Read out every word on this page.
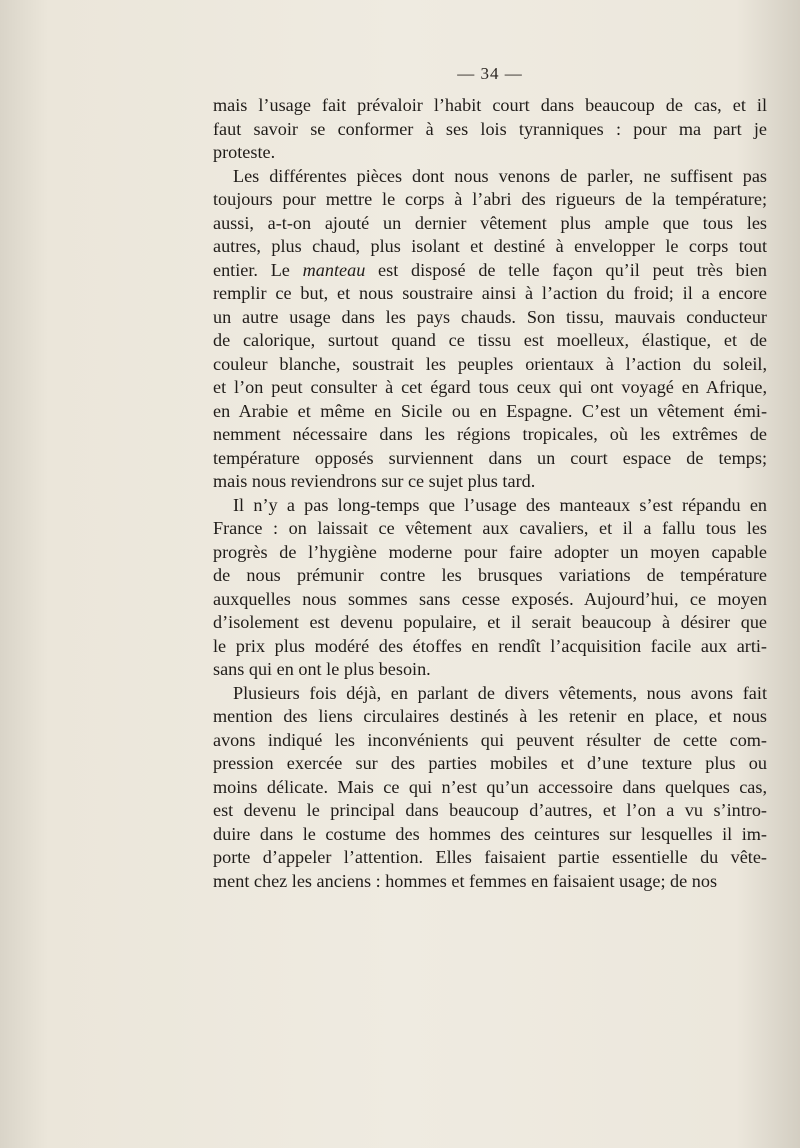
— 34 —
mais l’usage fait prévaloir l’habit court dans beaucoup de cas, et il
faut savoir se conformer à ses lois tyranniques : pour ma part je
proteste.
Les différentes pièces dont nous venons de parler, ne suffisent pas
toujours pour mettre le corps à l’abri des rigueurs de la température;
aussi, a-t-on ajouté un dernier vêtement plus ample que tous les
autres, plus chaud, plus isolant et destiné à envelopper le corps tout
entier. Le manteau est disposé de telle façon qu’il peut très bien
remplir ce but, et nous soustraire ainsi à l’action du froid; il a encore
un autre usage dans les pays chauds. Son tissu, mauvais conducteur
de calorique, surtout quand ce tissu est moelleux, élastique, et de
couleur blanche, soustrait les peuples orientaux à l’action du soleil,
et l’on peut consulter à cet égard tous ceux qui ont voyagé en Afrique,
en Arabie et même en Sicile ou en Espagne. C’est un vêtement émi-
nemment nécessaire dans les régions tropicales, où les extrêmes de
température opposés surviennent dans un court espace de temps;
mais nous reviendrons sur ce sujet plus tard.
Il n’y a pas long-temps que l’usage des manteaux s’est répandu en
France : on laissait ce vêtement aux cavaliers, et il a fallu tous les
progrès de l’hygiène moderne pour faire adopter un moyen capable
de nous prémunir contre les brusques variations de température
auxquelles nous sommes sans cesse exposés. Aujourd’hui, ce moyen
d’isolement est devenu populaire, et il serait beaucoup à désirer que
le prix plus modéré des étoffes en rendît l’acquisition facile aux arti-
sans qui en ont le plus besoin.
Plusieurs fois déjà, en parlant de divers vêtements, nous avons fait
mention des liens circulaires destinés à les retenir en place, et nous
avons indiqué les inconvénients qui peuvent résulter de cette com-
pression exercée sur des parties mobiles et d’une texture plus ou
moins délicate. Mais ce qui n’est qu’un accessoire dans quelques cas,
est devenu le principal dans beaucoup d’autres, et l’on a vu s’intro-
duire dans le costume des hommes des ceintures sur lesquelles il im-
porte d’appeler l’attention. Elles faisaient partie essentielle du vête-
ment chez les anciens : hommes et femmes en faisaient usage; de nos
